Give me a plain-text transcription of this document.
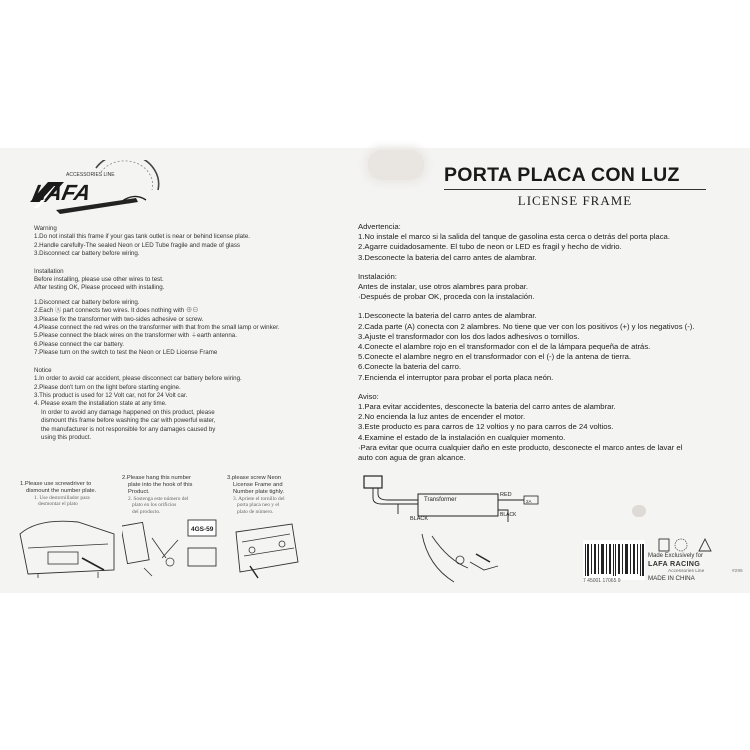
ACCESSORIES LINE
LAFA
PORTA PLACA CON LUZ
LICENSE FRAME
Warning
1.Do not install this frame if your gas tank outlet is near or behind license plate.
2.Handle carefully-The sealed Neon or LED Tube fragile and made of glass
3.Disconnect car battery before wiring.
Installation
Before installing, please use other wires to test.
After testing OK, Please proceed with installing.
1.Disconnect car battery before wiring.
2.Each Ⓐ part connects two wires. It does nothing with ⊕⊖
3.Please fix the transformer with two-sides adhesive or screw.
4.Please connect the red wires on the transformer with that from the small lamp or winker.
5.Please connect the black wires on the transformer with ⏚earth antenna.
6.Please connect the car battery.
7.Please turn on the switch to test the Neon or LED License Frame
Notice
1.In order to avoid car accident, please disconnect car battery before wiring.
2.Please don't turn on the light before starting engine.
3.This product is used for 12 Volt car, not for 24 Volt car.
4. Please exam the installation state at any time.
In order to avoid any damage happened on this product, please
dismount this frame before washing the car with powerful water,
the manufacturer is not responsible for any damages caused by
using this product.
Advertencia:
1.No instale el marco si la salida del tanque de gasolina esta cerca o detrás del porta placa.
2.Agarre cuidadosamente. El tubo de neon or LED es fragil y hecho de vidrio.
3.Desconecte la bateria del carro antes de alambrar.
Instalación:
Antes de instalar, use otros alambres para probar.
·Después de probar OK, proceda con la instalación.
1.Desconecte la bateria del carro antes de alambrar.
2.Cada parte (A) conecta con 2 alambres. No tiene que ver con los positivos (+) y los negativos (-).
3.Ajuste el transformador con los dos lados adhesivos o tornillos.
4.Conecte el alambre rojo en el transformador con el de la lámpara pequeña de atrás.
5.Conecte el alambre negro en el transformador con el (-) de la antena de tierra.
6.Conecte la bateria del carro.
7.Encienda el interruptor para probar el porta placa neón.
Aviso:
1.Para evitar accidentes, desconecte la bateria del carro antes de alambrar.
2.No encienda la luz antes de encender el motor.
3.Este producto es para carros de 12 voltios y no para carros de 24 voltios.
4.Examine el estado de la instalación en cualquier momento.
·Para evitar que ocurra cualquier daño en este producto, desconecte el marco antes de lavar el
auto con agua de gran alcance.
1.Please use screwdriver to
dismount the number plate.
1. Use destornillador para
desmontar el plato
2.Please hang this number
plate into the hook of this
Product.
2. Sostenga este número del
plato en los orificios
del producto.
4GS-59
3.please screw Neon
License Frame and
Number plate tighly.
3. Apriete el tornillo del
porta placa neo y el
plato de número.
Transformer	2A
RED
BLACK
BLACK
7 45001 17065 9
Made Exclusively for
LAFA RACING
Accessories Line
MADE IN CHINA
#295
